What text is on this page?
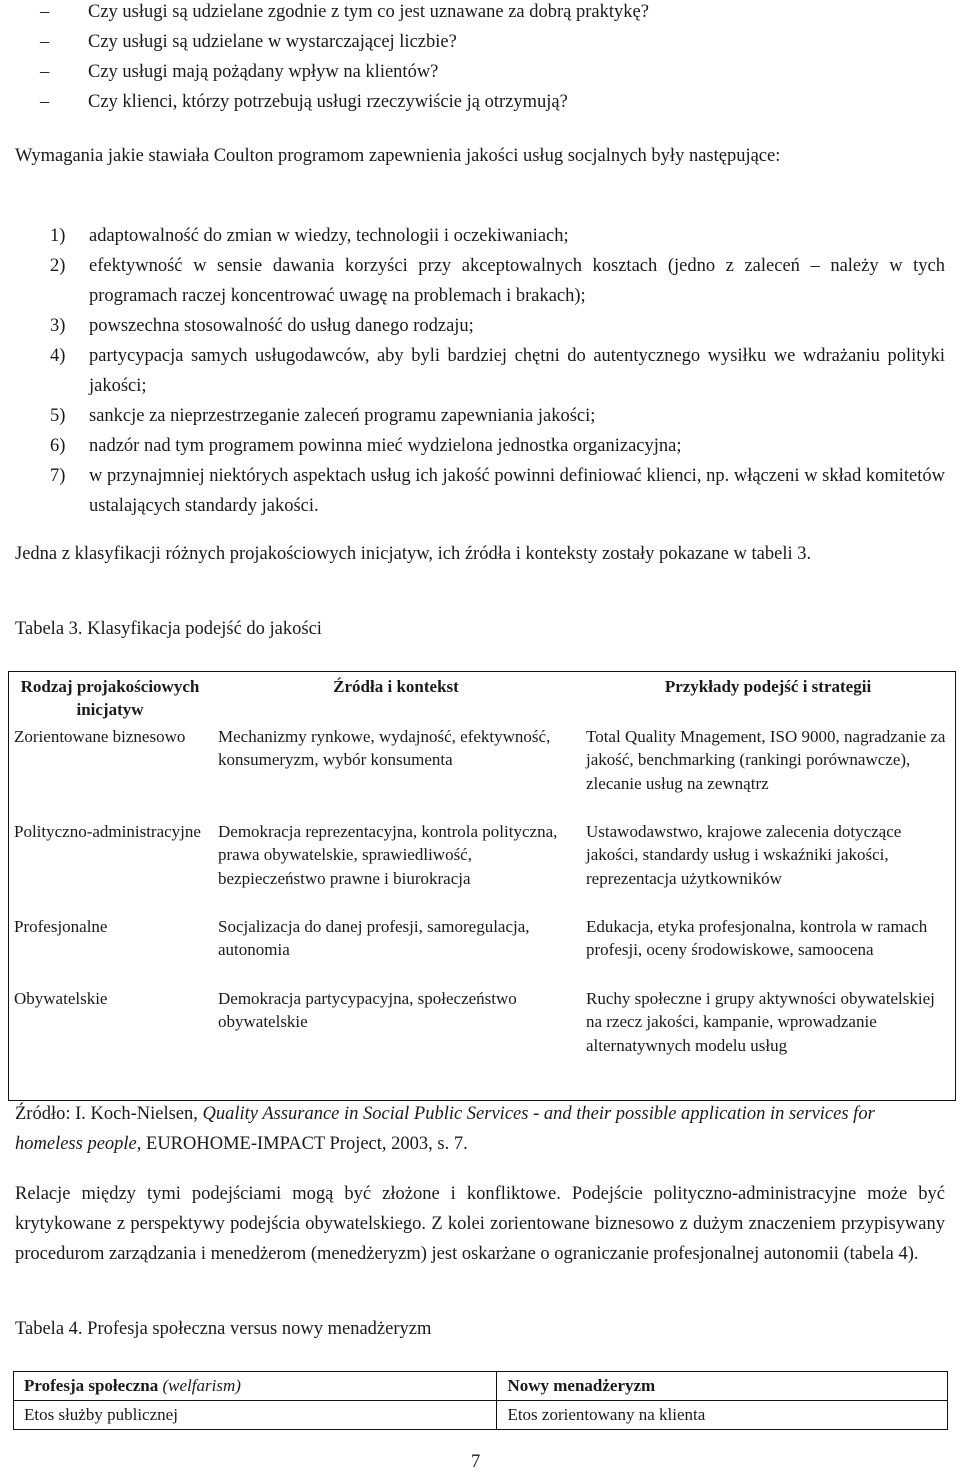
– Czy usługi są udzielane zgodnie z tym co jest uznawane za dobrą praktykę?
– Czy usługi są udzielane w wystarczającej liczbie?
– Czy usługi mają pożądany wpływ na klientów?
– Czy klienci, którzy potrzebują usługi rzeczywiście ją otrzymują?

Wymagania jakie stawiała Coulton programom zapewnienia jakości usług socjalnych były następujące:

1) adaptowalność do zmian w wiedzy, technologii i oczekiwaniach;
2) efektywność w sensie dawania korzyści przy akceptowalnych kosztach (jedno z zaleceń – należy w tych programach raczej koncentrować uwagę na problemach i brakach);
3) powszechna stosowalność do usług danego rodzaju;
4) partycypacja samych usługodawców, aby byli bardziej chętni do autentycznego wysiłku we wdrażaniu polityki jakości;
5) sankcje za nieprzestrzeganie zaleceń programu zapewniania jakości;
6) nadzór nad tym programem powinna mieć wydzielona jednostka organizacyjna;
7) w przynajmniej niektórych aspektach usług ich jakość powinni definiować klienci, np. włączeni w skład komitetów ustalających standardy jakości.

Jedna z klasyfikacji różnych projakościowych inicjatyw, ich źródła i konteksty zostały pokazane w tabeli 3.

Tabela 3. Klasyfikacja podejść do jakości
Rodzaj projakościowych inicjatyw	Źródła i kontekst	Przykłady podejść i strategii
Zorientowane biznesowo	Mechanizmy rynkowe, wydajność, efektywność, konsumeryzm, wybór konsumenta	Total Quality Mnagement, ISO 9000, nagradzanie za jakość, benchmarking (rankingi porównawcze), zlecanie usług na zewnątrz
Polityczno-administracyjne	Demokracja reprezentacyjna, kontrola polityczna, prawa obywatelskie, sprawiedliwość, bezpieczeństwo prawne i biurokracja	Ustawodawstwo, krajowe zalecenia dotyczące jakości, standardy usług i wskaźniki jakości, reprezentacja użytkowników
Profesjonalne	Socjalizacja do danej profesji, samoregulacja, autonomia	Edukacja, etyka profesjonalna, kontrola w ramach profesji, oceny środowiskowe, samoocena
Obywatelskie	Demokracja partycypacyjna, społeczeństwo obywatelskie	Ruchy społeczne i grupy aktywności obywatelskiej na rzecz jakości, kampanie, wprowadzanie alternatywnych modelu usług

Źródło: I. Koch-Nielsen, Quality Assurance in Social Public Services - and their possible application in services for homeless people, EUROHOME-IMPACT Project, 2003, s. 7.

Relacje między tymi podejściami mogą być złożone i konfliktowe. Podejście polityczno-administracyjne może być krytykowane z perspektywy podejścia obywatelskiego. Z kolei zorientowane biznesowo z dużym znaczeniem przypisywany procedurom zarządzania i menedżerom (menedżeryzm) jest oskarżane o ograniczanie profesjonalnej autonomii (tabela 4).

Tabela 4. Profesja społeczna versus nowy menadżeryzm
Profesja społeczna (welfarism)	Nowy menadżeryzm
Etos służby publicznej	Etos zorientowany na klienta
7
